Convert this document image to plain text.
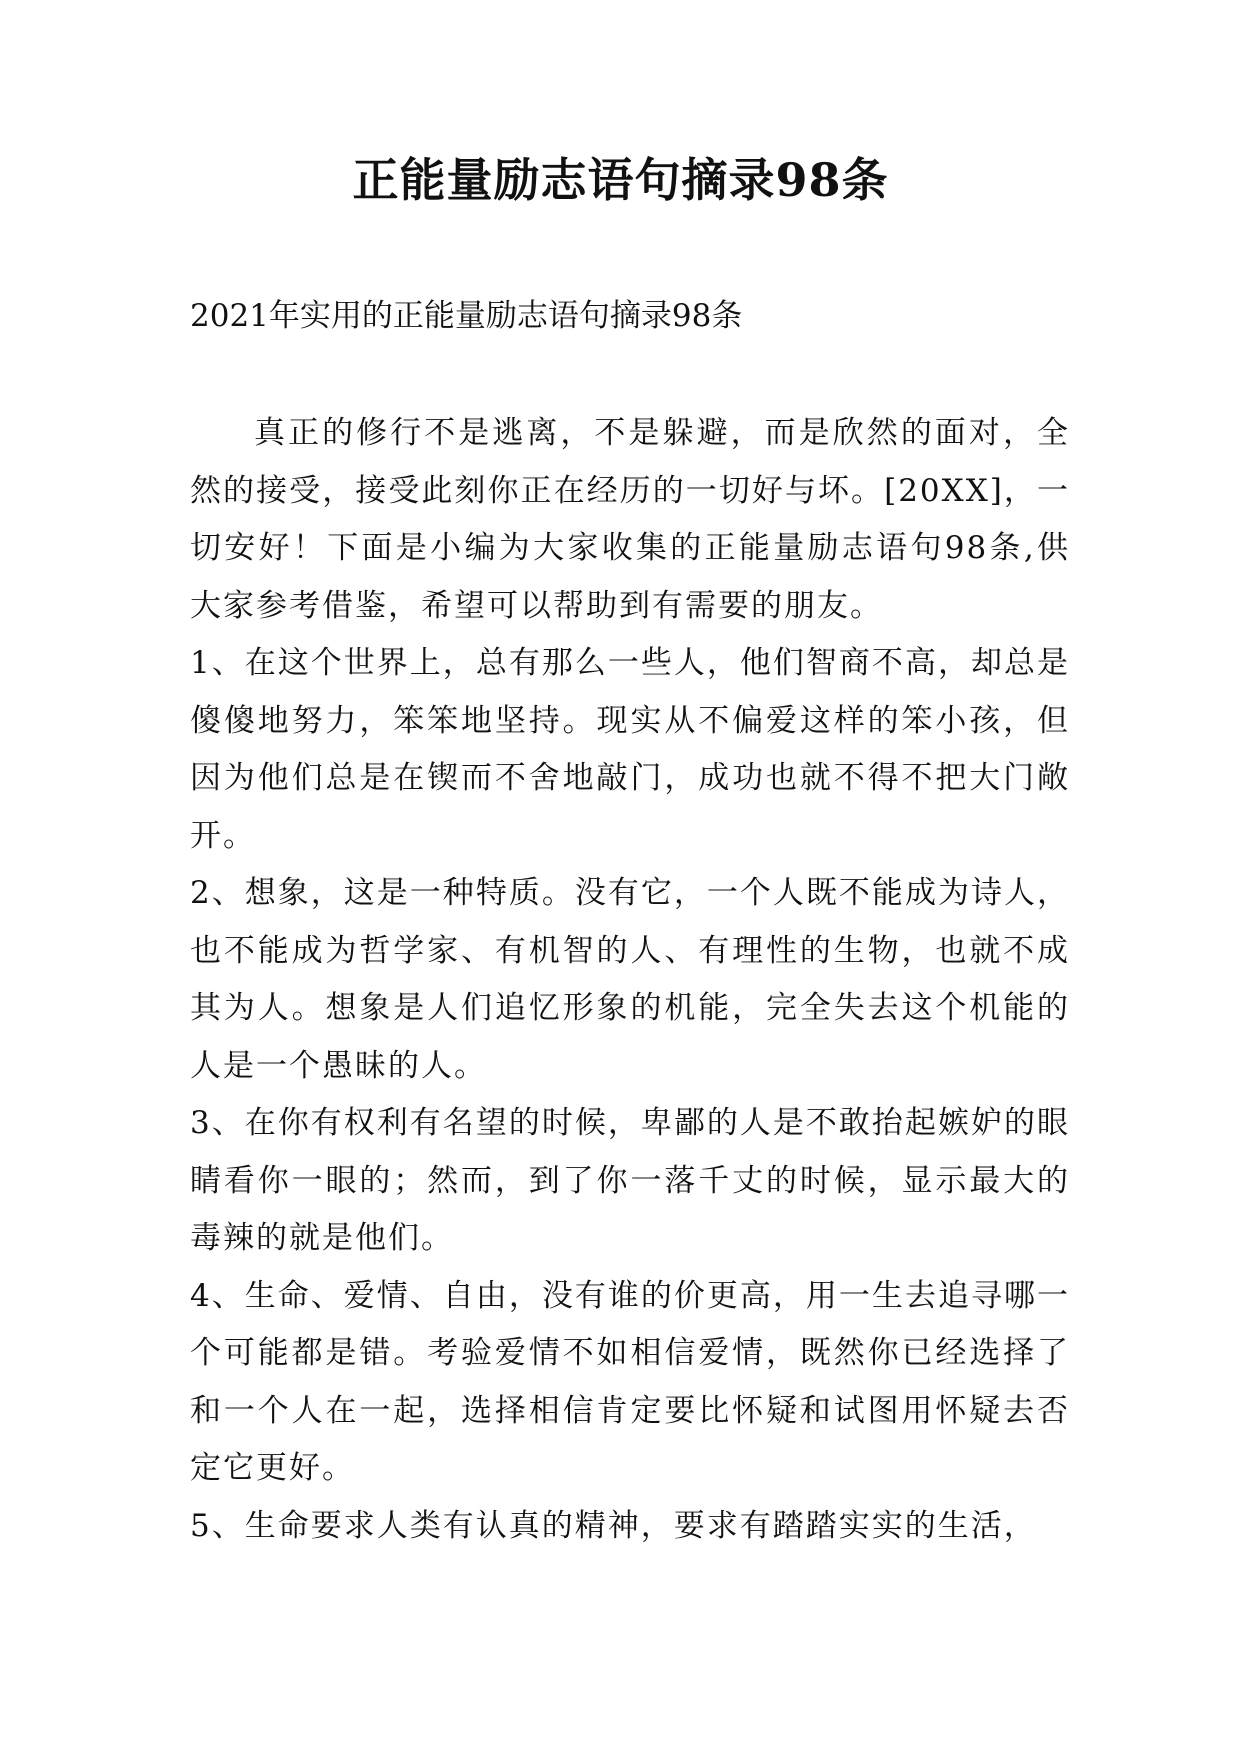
正能量励志语句摘录98条

2021年实用的正能量励志语句摘录98条

真正的修行不是逃离，不是躲避，而是欣然的面对，全然的接受，接受此刻你正在经历的一切好与坏。[20XX]，一切安好！下面是小编为大家收集的正能量励志语句98条,供大家参考借鉴，希望可以帮助到有需要的朋友。

1、在这个世界上，总有那么一些人，他们智商不高，却总是傻傻地努力，笨笨地坚持。现实从不偏爱这样的笨小孩，但因为他们总是在锲而不舍地敲门，成功也就不得不把大门敞开。

2、想象，这是一种特质。没有它，一个人既不能成为诗人，也不能成为哲学家、有机智的人、有理性的生物，也就不成其为人。想象是人们追忆形象的机能，完全失去这个机能的人是一个愚昧的人。

3、在你有权利有名望的时候，卑鄙的人是不敢抬起嫉妒的眼睛看你一眼的；然而，到了你一落千丈的时候，显示最大的毒辣的就是他们。

4、生命、爱情、自由，没有谁的价更高，用一生去追寻哪一个可能都是错。考验爱情不如相信爱情，既然你已经选择了和一个人在一起，选择相信肯定要比怀疑和试图用怀疑去否定它更好。

5、生命要求人类有认真的精神，要求有踏踏实实的生活，
